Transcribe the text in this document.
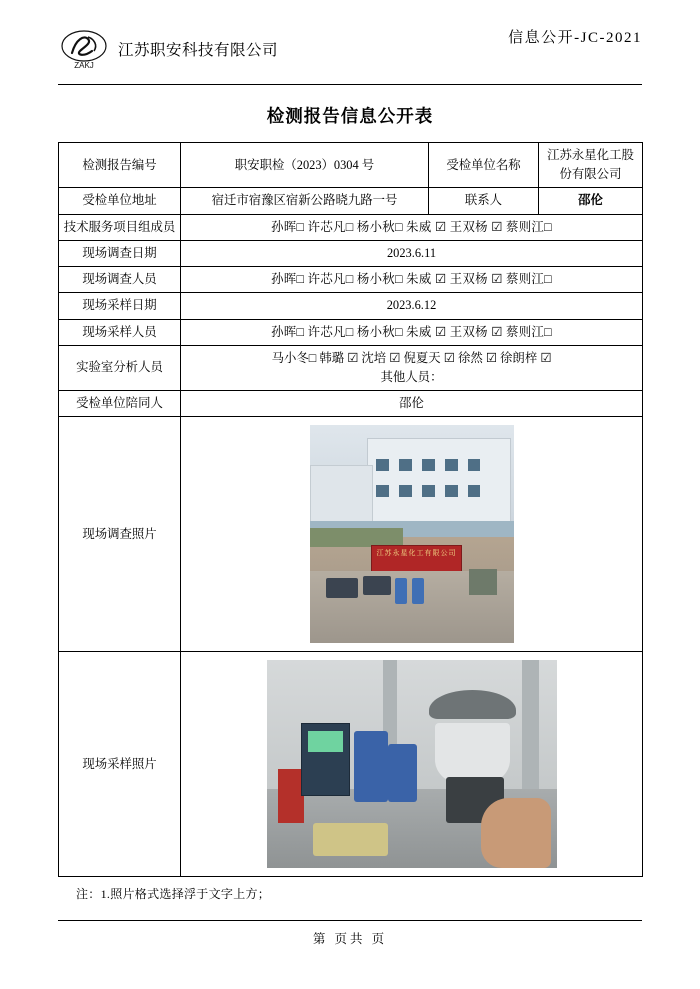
ZAKJ
江苏职安科技有限公司
信息公开-JC-2021
检测报告信息公开表
检测报告编号	职安职检（2023）0304 号	受检单位名称	江苏永星化工股份有限公司
受检单位地址	宿迁市宿豫区宿新公路晓九路一号	联系人	邵伦
技术服务项目组成员	孙晖□ 许芯凡□ 杨小秋□ 朱威 ☑ 王双杨 ☑ 蔡则江□		
现场调查日期	2023.6.11		
现场调查人员	孙晖□ 许芯凡□ 杨小秋□ 朱威 ☑ 王双杨 ☑ 蔡则江□		
现场采样日期	2023.6.12		
现场采样人员	孙晖□ 许芯凡□ 杨小秋□ 朱威 ☑ 王双杨 ☑ 蔡则江□		
实验室分析人员	马小冬□ 韩璐 ☑ 沈培 ☑ 倪夏天 ☑ 徐然 ☑ 徐朗梓 ☑
其他人员：		

受检单位陪同人	邵伦		
现场调查照片	江苏永星化工有限公司		

现场采样照片			
注：1.照片格式选择浮于文字上方；
第 页共 页
